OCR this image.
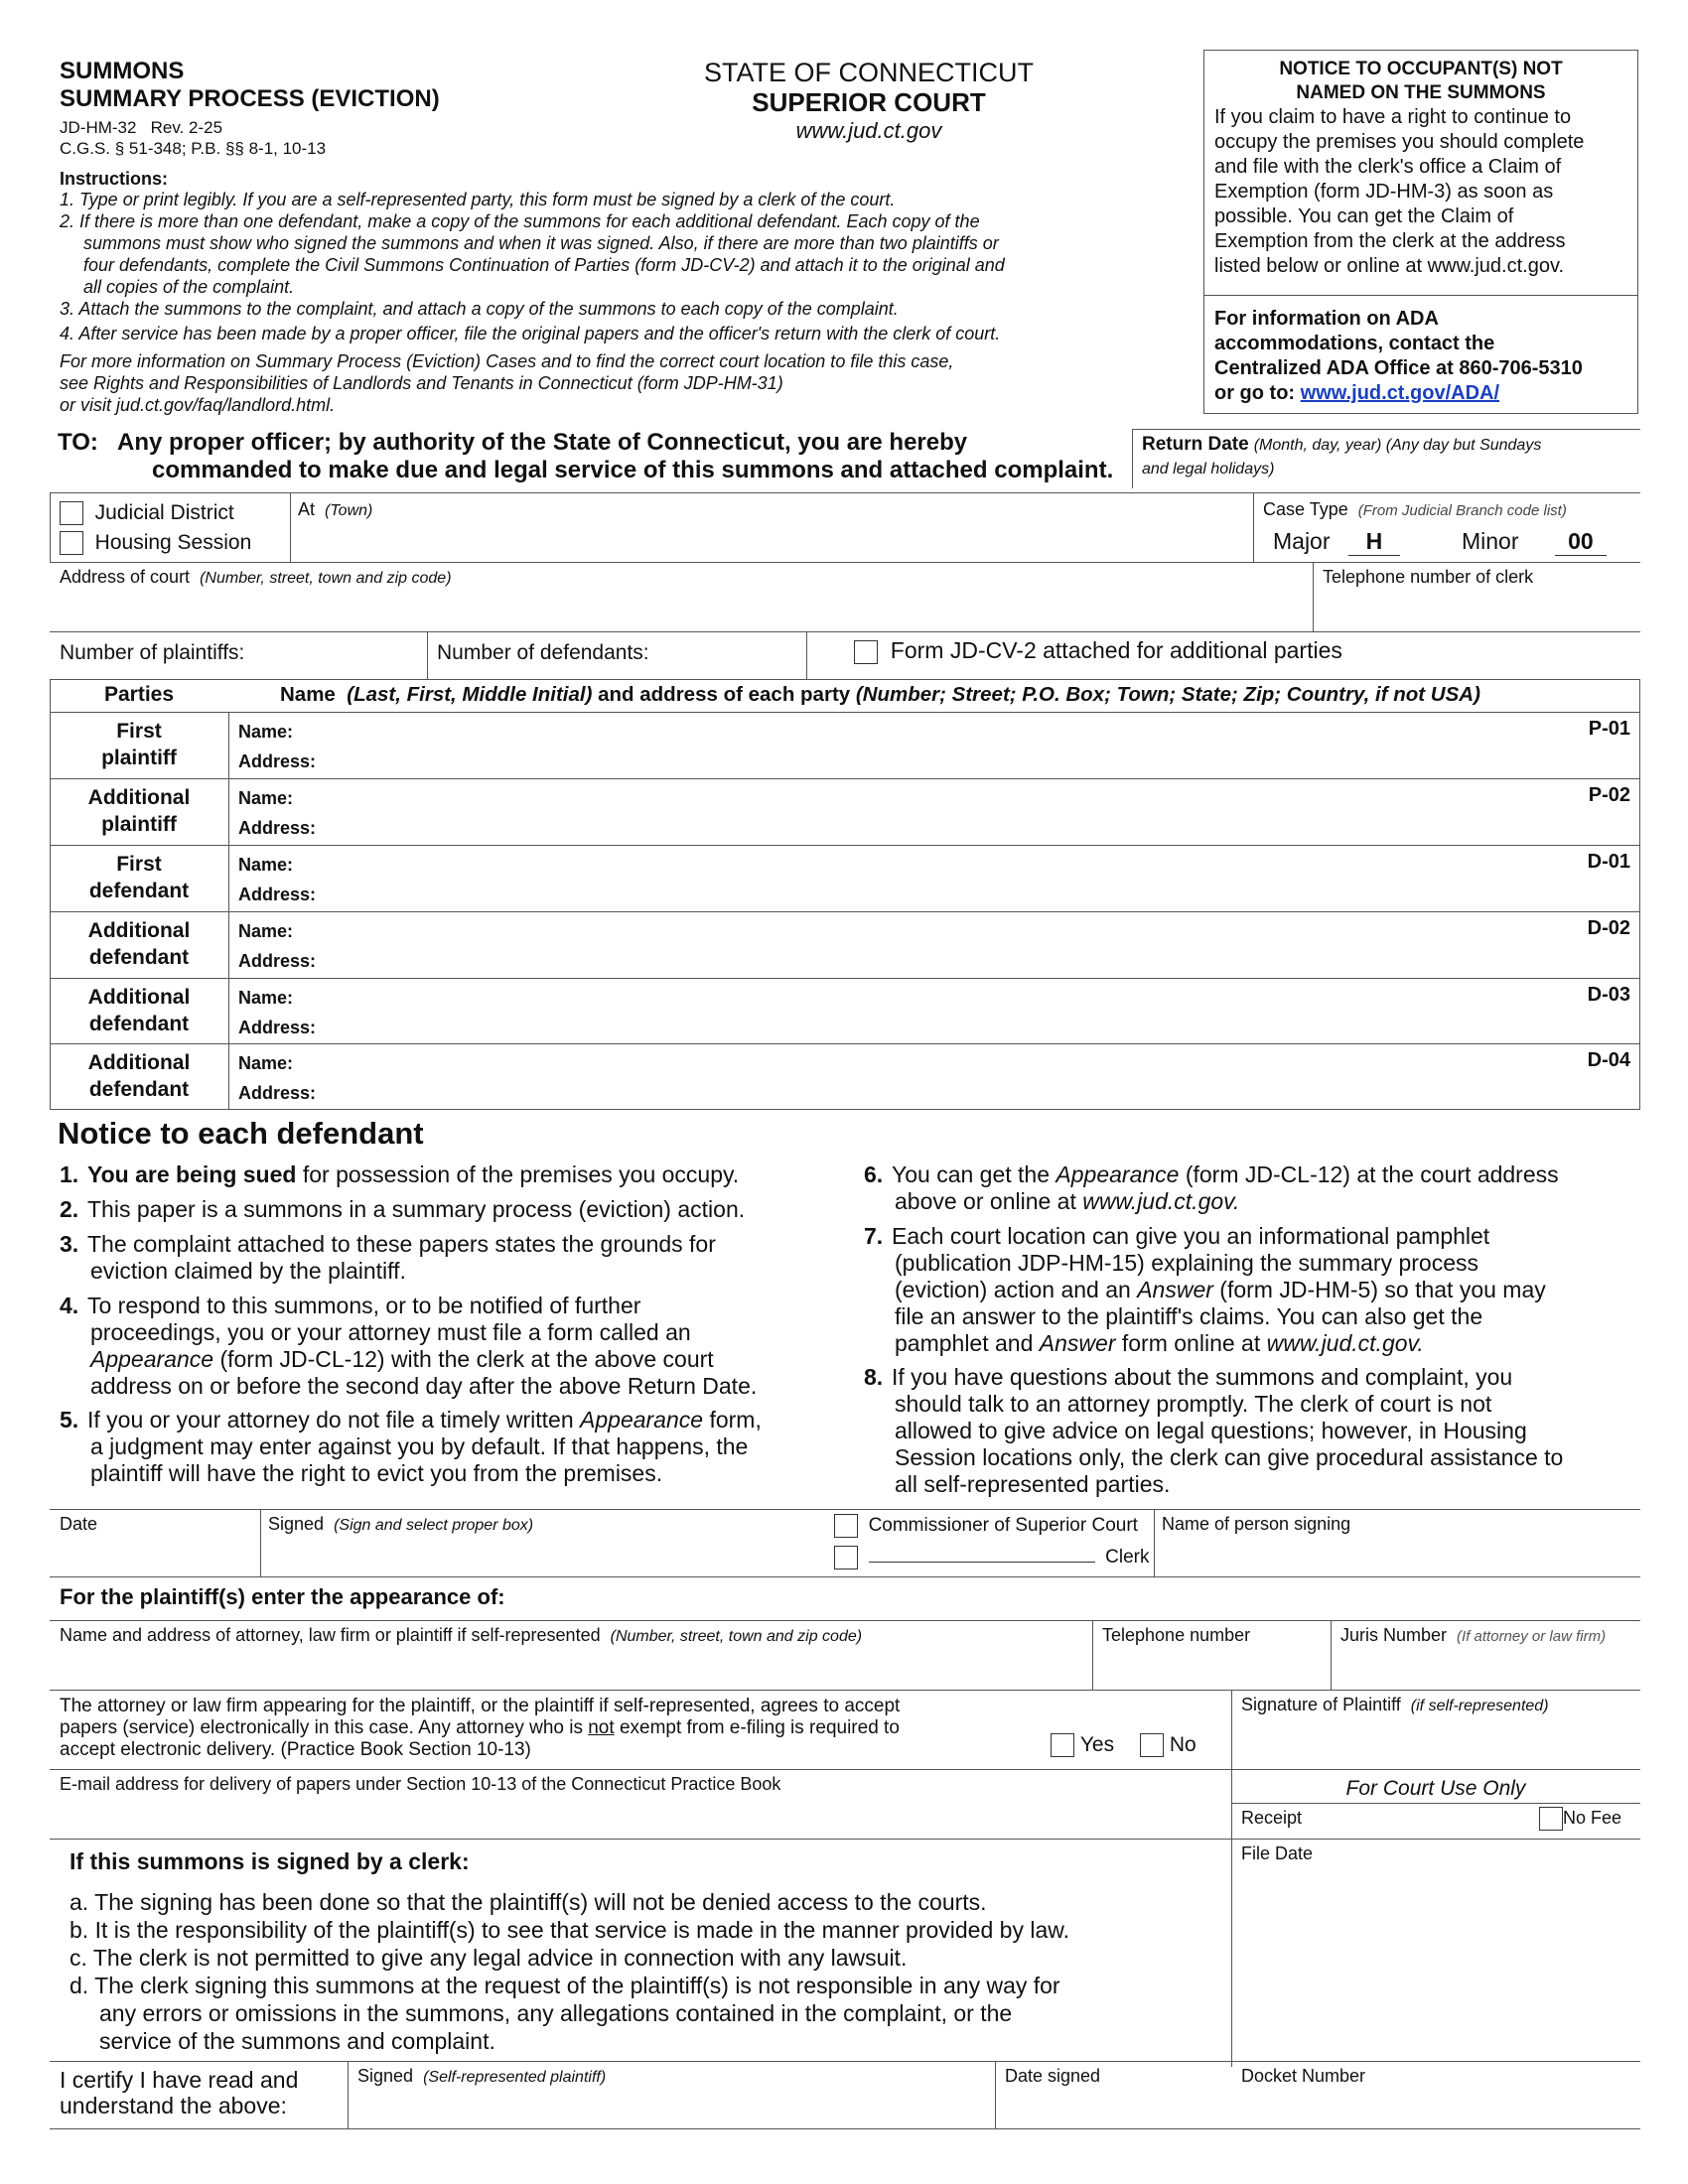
SUMMONS
SUMMARY PROCESS (EVICTION)
JD-HM-32 Rev. 2-25
C.G.S. § 51-348; P.B. §§ 8-1, 10-13
STATE OF CONNECTICUT
SUPERIOR COURT
www.jud.ct.gov
Instructions:
1. Type or print legibly. If you are a self-represented party, this form must be signed by a clerk of the court.
2. If there is more than one defendant, make a copy of the summons for each additional defendant. Each copy of the
summons must show who signed the summons and when it was signed. Also, if there are more than two plaintiffs or
four defendants, complete the Civil Summons Continuation of Parties (form JD-CV-2) and attach it to the original and
all copies of the complaint.
3. Attach the summons to the complaint, and attach a copy of the summons to each copy of the complaint.
4. After service has been made by a proper officer, file the original papers and the officer's return with the clerk of court.
For more information on Summary Process (Eviction) Cases and to find the correct court location to file this case,
see Rights and Responsibilities of Landlords and Tenants in Connecticut (form JDP-HM-31)
or visit jud.ct.gov/faq/landlord.html.
NOTICE TO OCCUPANT(S) NOT
NAMED ON THE SUMMONS
If you claim to have a right to continue to
occupy the premises you should complete
and file with the clerk's office a Claim of
Exemption (form JD-HM-3) as soon as
possible. You can get the Claim of
Exemption from the clerk at the address
listed below or online at www.jud.ct.gov.
For information on ADA
accommodations, contact the
Centralized ADA Office at 860-706-5310
or go to: www.jud.ct.gov/ADA/
TO: Any proper officer; by authority of the State of Connecticut, you are hereby
commanded to make due and legal service of this summons and attached complaint.
Return Date (Month, day, year) (Any day but Sundays
and legal holidays)
Judicial District
Housing Session
At (Town)	Case Type (From Judicial Branch code list)
Major H	Minor 00
Address of court (Number, street, town and zip code)	Telephone number of clerk
Number of plaintiffs:	Number of defendants:	Form JD-CV-2 attached for additional parties
Parties	Name (Last, First, Middle Initial) and address of each party (Number; Street; P.O. Box; Town; State; Zip; Country, if not USA)
First
plaintiff
Name:
Address:
P-01
Additional
plaintiff
Name:
Address:
P-02
First
defendant
Name:
Address:
D-01
Additional
defendant
Name:
Address:
D-02
Additional
defendant
Name:
Address:
D-03
Additional
defendant
Name:
Address:
D-04
Notice to each defendant
1. You are being sued for possession of the premises you occupy.
2. This paper is a summons in a summary process (eviction) action.
3. The complaint attached to these papers states the grounds for
eviction claimed by the plaintiff.
4. To respond to this summons, or to be notified of further
proceedings, you or your attorney must file a form called an
Appearance (form JD-CL-12) with the clerk at the above court
address on or before the second day after the above Return Date.
5. If you or your attorney do not file a timely written Appearance form,
a judgment may enter against you by default. If that happens, the
plaintiff will have the right to evict you from the premises.
6. You can get the Appearance (form JD-CL-12) at the court address
above or online at www.jud.ct.gov.
7. Each court location can give you an informational pamphlet
(publication JDP-HM-15) explaining the summary process
(eviction) action and an Answer (form JD-HM-5) so that you may
file an answer to the plaintiff's claims. You can also get the
pamphlet and Answer form online at www.jud.ct.gov.
8. If you have questions about the summons and complaint, you
should talk to an attorney promptly. The clerk of court is not
allowed to give advice on legal questions; however, in Housing
Session locations only, the clerk can give procedural assistance to
all self-represented parties.
Date	Signed (Sign and select proper box)	Commissioner of Superior Court
Clerk
Name of person signing
For the plaintiff(s) enter the appearance of:
Name and address of attorney, law firm or plaintiff if self-represented (Number, street, town and zip code)	Telephone number	Juris Number (If attorney or law firm)
The attorney or law firm appearing for the plaintiff, or the plaintiff if self-represented, agrees to accept
papers (service) electronically in this case. Any attorney who is not exempt from e-filing is required to
accept electronic delivery. (Practice Book Section 10-13)	Yes	No
Signature of Plaintiff (if self-represented)
E-mail address for delivery of papers under Section 10-13 of the Connecticut Practice Book	For Court Use Only
Receipt	No Fee
File Date
If this summons is signed by a clerk:
a. The signing has been done so that the plaintiff(s) will not be denied access to the courts.
b. It is the responsibility of the plaintiff(s) to see that service is made in the manner provided by law.
c. The clerk is not permitted to give any legal advice in connection with any lawsuit.
d. The clerk signing this summons at the request of the plaintiff(s) is not responsible in any way for
any errors or omissions in the summons, any allegations contained in the complaint, or the
service of the summons and complaint.
I certify I have read and
understand the above:
Signed (Self-represented plaintiff)	Date signed	Docket Number
